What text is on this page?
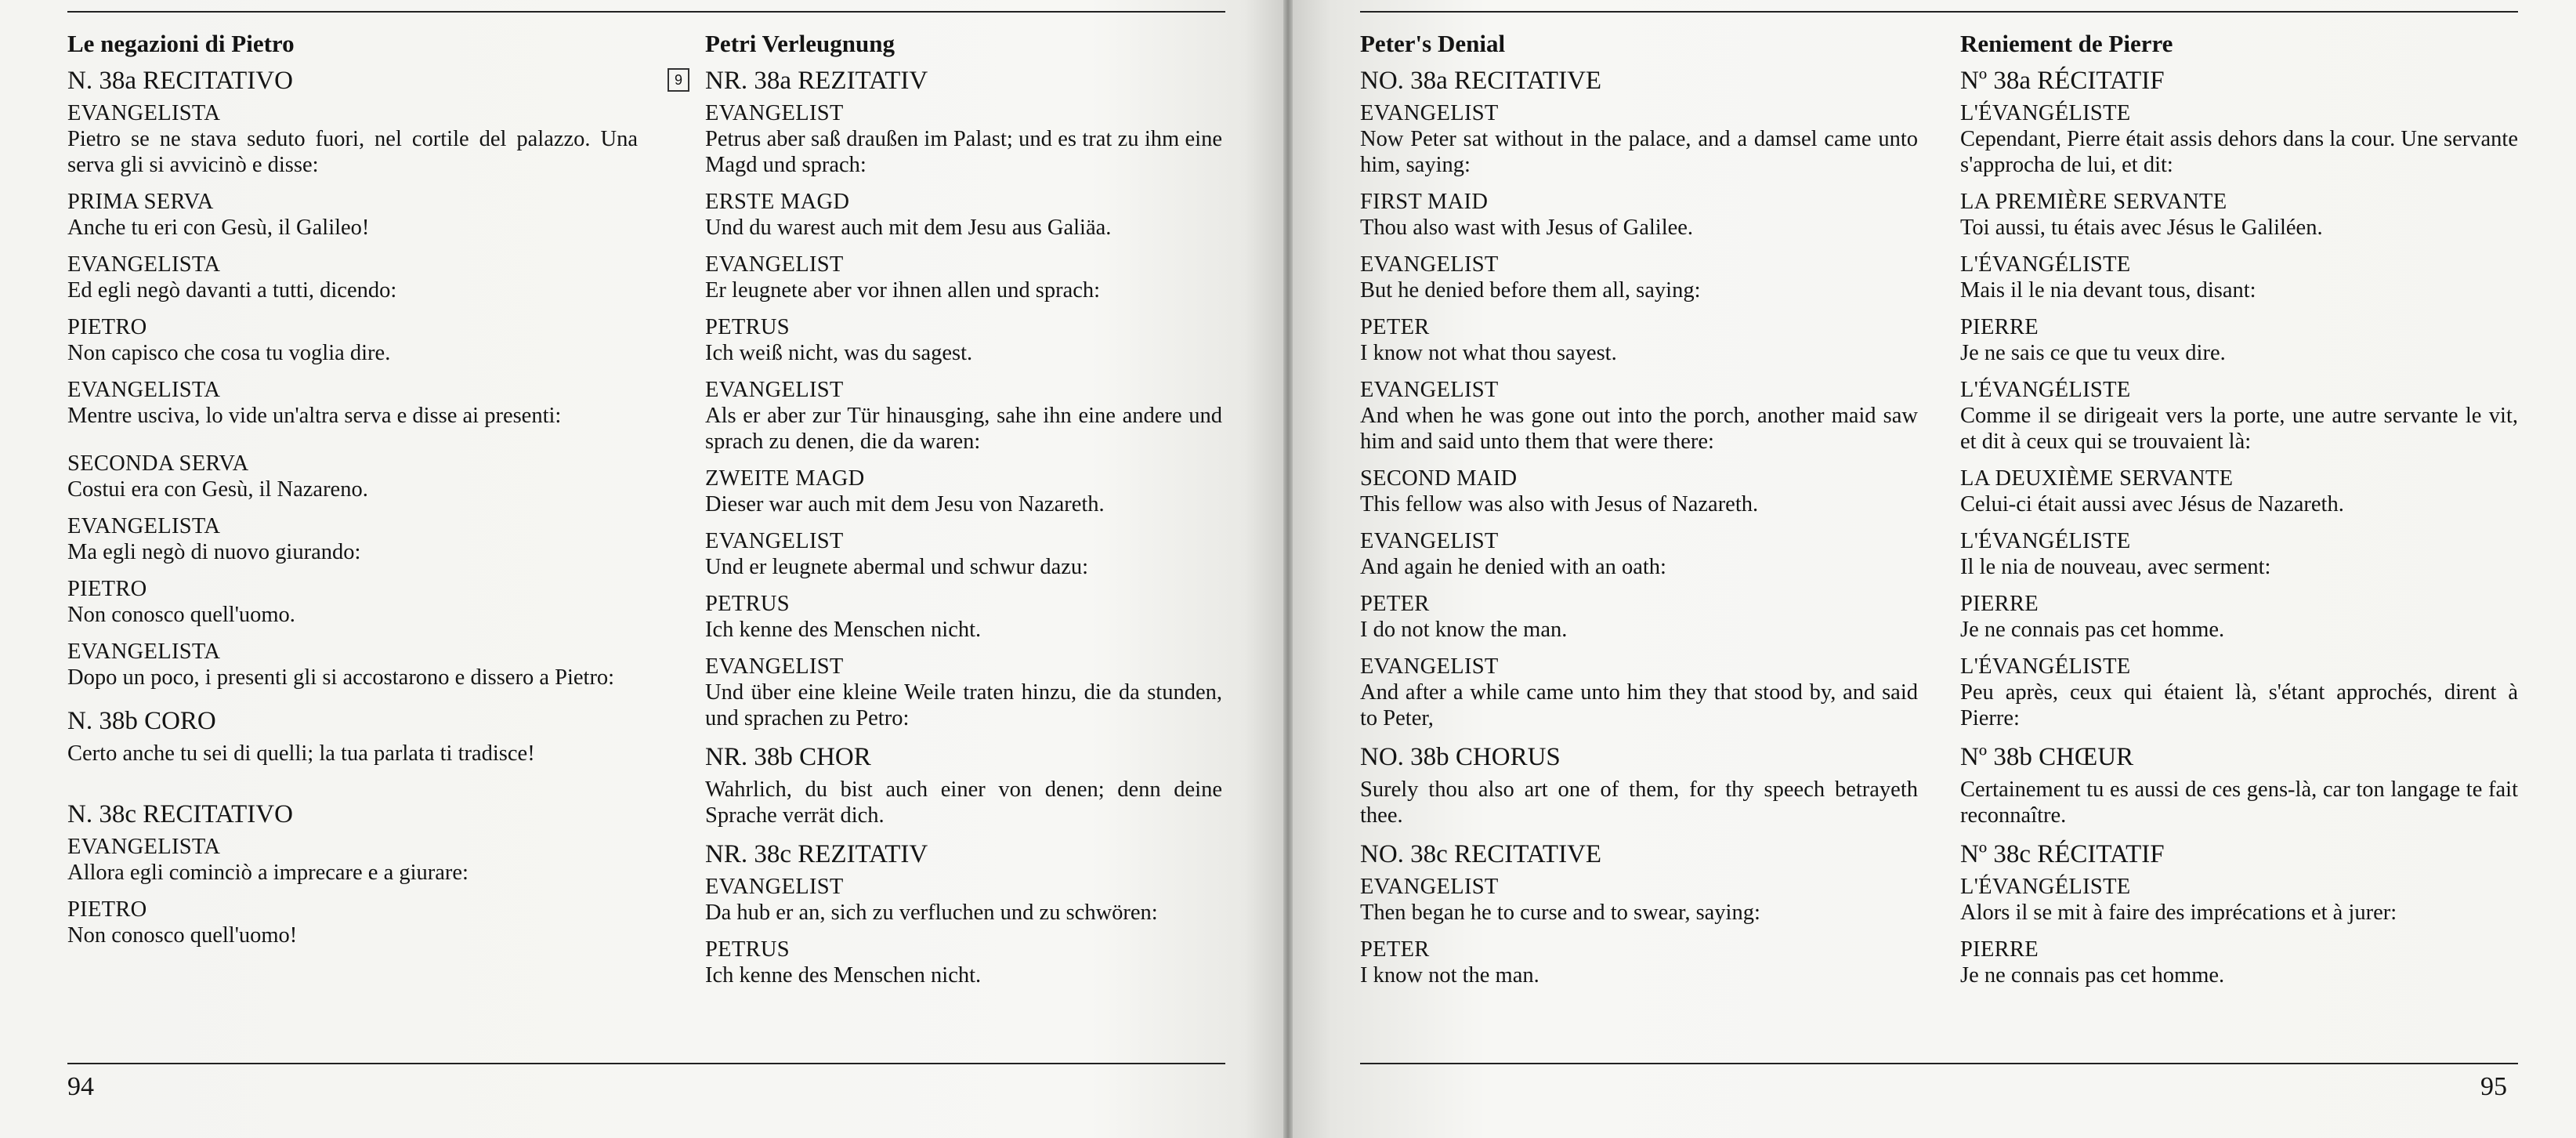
Le negazioni di Pietro
N. 38a RECITATIVO
EVANGELISTA
Pietro se ne stava seduto fuori, nel cortile del palazzo. Una serva gli si avvicinò e disse:
PRIMA SERVA
Anche tu eri con Gesù, il Galileo!
EVANGELISTA
Ed egli negò davanti a tutti, dicendo:
PIETRO
Non capisco che cosa tu voglia dire.
EVANGELISTA
Mentre usciva, lo vide un'altra serva e disse ai presenti:
SECONDA SERVA
Costui era con Gesù, il Nazareno.
EVANGELISTA
Ma egli negò di nuovo giurando:
PIETRO
Non conosco quell'uomo.
EVANGELISTA
Dopo un poco, i presenti gli si accostarono e dissero a Pietro:
N. 38b CORO
Certo anche tu sei di quelli; la tua parlata ti tradisce!
N. 38c RECITATIVO
EVANGELISTA
Allora egli cominciò a imprecare e a giurare:
PIETRO
Non conosco quell'uomo!
Petri Verleugnung
9 NR. 38a REZITATIV
EVANGELIST
Petrus aber saß draußen im Palast; und es trat zu ihm eine Magd und sprach:
ERSTE MAGD
Und du warest auch mit dem Jesu aus Galiäa.
EVANGELIST
Er leugnete aber vor ihnen allen und sprach:
PETRUS
Ich weiß nicht, was du sagest.
EVANGELIST
Als er aber zur Tür hinausging, sahe ihn eine andere und sprach zu denen, die da waren:
ZWEITE MAGD
Dieser war auch mit dem Jesu von Nazareth.
EVANGELIST
Und er leugnete abermal und schwur dazu:
PETRUS
Ich kenne des Menschen nicht.
EVANGELIST
Und über eine kleine Weile traten hinzu, die da stunden, und sprachen zu Petro:
NR. 38b CHOR
Wahrlich, du bist auch einer von denen; denn deine Sprache verrät dich.
NR. 38c REZITATIV
EVANGELIST
Da hub er an, sich zu verfluchen und zu schwören:
PETRUS
Ich kenne des Menschen nicht.
94
Peter's Denial
NO. 38a RECITATIVE
EVANGELIST
Now Peter sat without in the palace, and a damsel came unto him, saying:
FIRST MAID
Thou also wast with Jesus of Galilee.
EVANGELIST
But he denied before them all, saying:
PETER
I know not what thou sayest.
EVANGELIST
And when he was gone out into the porch, another maid saw him and said unto them that were there:
SECOND MAID
This fellow was also with Jesus of Nazareth.
EVANGELIST
And again he denied with an oath:
PETER
I do not know the man.
EVANGELIST
And after a while came unto him they that stood by, and said to Peter,
NO. 38b CHORUS
Surely thou also art one of them, for thy speech betrayeth thee.
NO. 38c RECITATIVE
EVANGELIST
Then began he to curse and to swear, saying:
PETER
I know not the man.
Reniement de Pierre
Nº 38a RÉCITATIF
L'ÉVANGÉLISTE
Cependant, Pierre était assis dehors dans la cour. Une servante s'approcha de lui, et dit:
LA PREMIÈRE SERVANTE
Toi aussi, tu étais avec Jésus le Galiléen.
L'ÉVANGÉLISTE
Mais il le nia devant tous, disant:
PIERRE
Je ne sais ce que tu veux dire.
L'ÉVANGÉLISTE
Comme il se dirigeait vers la porte, une autre servante le vit, et dit à ceux qui se trouvaient là:
LA DEUXIÈME SERVANTE
Celui-ci était aussi avec Jésus de Nazareth.
L'ÉVANGÉLISTE
Il le nia de nouveau, avec serment:
PIERRE
Je ne connais pas cet homme.
L'ÉVANGÉLISTE
Peu après, ceux qui étaient là, s'étant approchés, dirent à Pierre:
Nº 38b CHŒUR
Certainement tu es aussi de ces gens-là, car ton langage te fait reconnaître.
Nº 38c RÉCITATIF
L'ÉVANGÉLISTE
Alors il se mit à faire des imprécations et à jurer:
PIERRE
Je ne connais pas cet homme.
95
